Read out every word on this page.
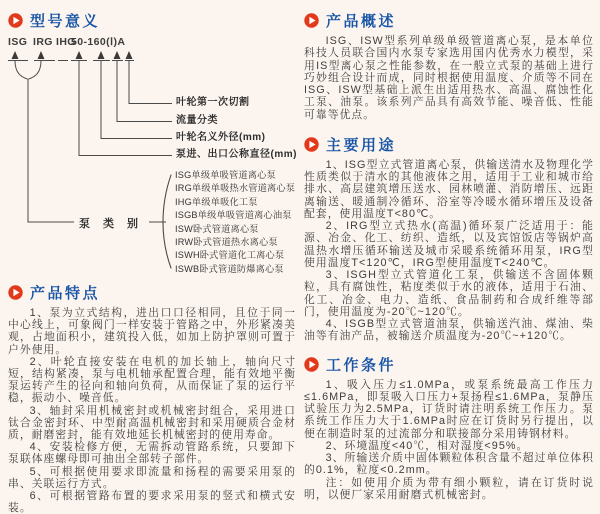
型号意义
ISG IRG IHG
50-160(Ⅰ)A
叶轮第一次切割
流量分类
叶轮名义外径(mm)
泵进、出口公称直径(mm)
泵类别
ISG单级单吸管道离心泵
IRG单级单吸热水管道离心泵
IHG单级单吸化工泵
ISGB单级单吸管道离心油泵
ISW卧式管道离心泵
IRW卧式管道热水离心泵
ISWH卧式管道化工离心泵
ISWB卧式管道防爆离心泵
产品特点

1、泵为立式结构，进出口口径相同，且位于同一中心线上，可象阀门一样安装于管路之中，外形紧凑美观，占地面积小，建筑投入低，如加上防护罩则可置于户外使用。

2、叶轮直接安装在电机的加长轴上，轴向尺寸短，结构紧凑，泵与电机轴承配置合理，能有效地平衡泵运转产生的径向和轴向负荷，从而保证了泵的运行平稳，振动小、噪音低。

3、轴封采用机械密封或机械密封组合，采用进口钛合金密封环、中型耐高温机械密封和采用硬质合金材质，耐磨密封，能有效地延长机械密封的使用寿命。

4、安装检修方便，无需拆动管路系统，只要卸下泵联体座螺母即可抽出全部转子部件。

5、可根据使用要求即流量和扬程的需要采用泵的串、关联运行方式。

6、可根据管路布置的要求采用泵的竖式和横式安装。

产品概述

ISG、ISW型系列单级单级管道离心泵，是本单位科技人员联合国内水泵专家选用国内优秀水力模型，采用IS型离心泵之性能参数，在一般立式泵的基础上进行巧妙组合设计而成，同时根据使用温度、介质等不同在ISG、ISW型基础上派生出适用热水、高温、腐蚀性化工泵、油泵。该系列产品具有高效节能、噪音低、性能可靠等优点。

主要用途

1、ISG型立式管道离心泵，供输送清水及物理化学性质类似于清水的其他液体之用，适用于工业和城市给排水、高层建筑增压送水、园林喷灌、消防增压、远距离输送、暖通制冷循环、浴室等冷暖水循环增压及设备配套，使用温度T<80℃。

2、IRG型立式热水(高温)循环泵广泛适用于：能源、冶金、化工、纺织、造纸，以及宾馆饭店等锅炉高温热水增压循环输送及城市采暖系统循环用泵，IRG型使用温度T<120℃，IRG型使用温度T<240℃。

3、ISGH型立式管道化工泵，供输送不含固体颗粒，具有腐蚀性，粘度类似于水的液体，适用于石油、化工、冶金、电力、造纸、食品制药和合成纤维等部门，使用温度为-20℃~120℃。

4、ISGB型立式管道油泵，供输送汽油、煤油、柴油等有油产品，被输送介质温度为-20℃~+120℃。

工作条件

1、吸入压力≤1.0MPa，或泵系统最高工作压力≤1.6MPa，即泵吸入口压力+泵扬程≤1.6MPa，泵静压试验压力为2.5MPa，订货时请注明系统工作压力。泵系统工作压力大于1.6MPa时应在订货时另行提出，以便在制造时泵的过流部分和联接部分采用铸钢材料。

2、环境温度<40℃，相对湿度<95%。

3、所输送介质中固体颗粒体积含量不超过单位体积的0.1%，粒度<0.2mm。

注：如使用介质为带有细小颗粒，请在订货时说明，以便厂家采用耐磨式机械密封。
